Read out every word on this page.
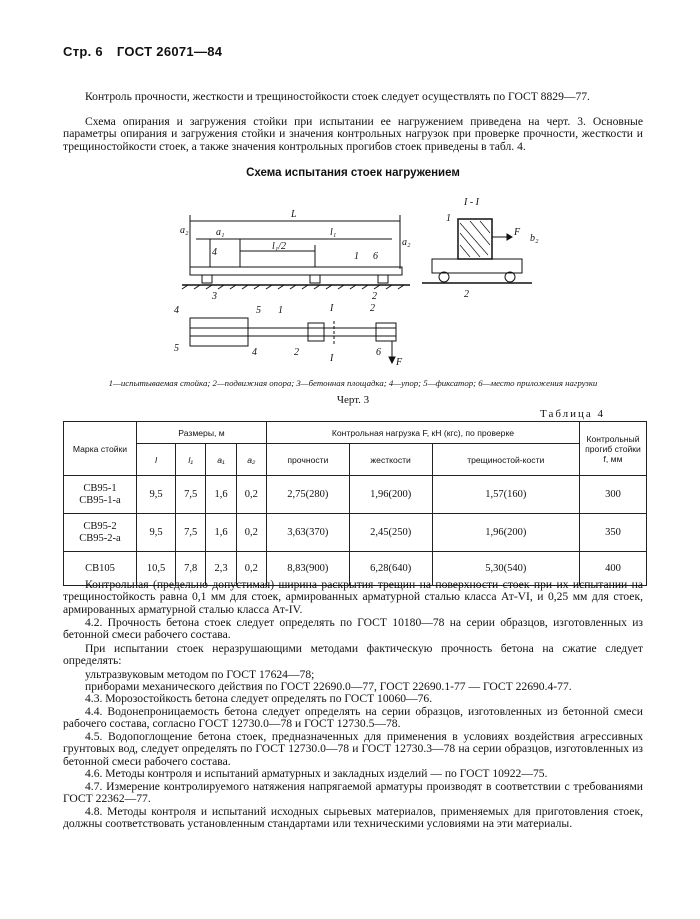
Стр. 6 ГОСТ 26071—84

Контроль прочности, жесткости и трещиностойкости стоек следует осуществлять по ГОСТ 8829—77.

Схема опирания и загружения стойки при испытании ее нагружением приведена на черт. 3. Основные параметры опирания и загружения стойки и значения контрольных нагрузок при проверке прочности, жесткости и трещиностойкости стоек, а также значения контрольных прогибов стоек приведены в табл. 4.

Схема испытания стоек нагружением
L
a₁	l₁
l₁/2
a₂
a₂
4	1 6
3	2
I - I
F
b₂
1
2
I
I	F
4	5 1	2
5	4	2	6
1—испытываемая стойка; 2—подвижная опора; 3—бетонная площадка; 4—упор; 5—фиксатор; 6—место приложения нагрузки
Черт. 3
Таблица 4
Марка стойки	Размеры, м				Контрольная нагрузка F, кН (кгс), по проверке			Контрольный прогиб стойки f, мм
	l	l₁	a₁	a₂	прочности	жесткости	трещиностой-кости	
СВ95-1
СВ95-1-а	9,5	7,5	1,6	0,2	2,75(280)	1,96(200)	1,57(160)	300
СВ95-2
СВ95-2-а	9,5	7,5	1,6	0,2	3,63(370)	2,45(250)	1,96(200)	350
СВ105	10,5	7,8	2,3	0,2	8,83(900)	6,28(640)	5,30(540)	400

Контрольная (предельно допустимая) ширина раскрытия трещин на поверхности стоек при их испытании на трещиностойкость равна 0,1 мм для стоек, армированных арматурной сталью класса Ат-VI, и 0,25 мм для стоек, армированных арматурной сталью класса Ат-IV.

4.2. Прочность бетона стоек следует определять по ГОСТ 10180—78 на серии образцов, изготовленных из бетонной смеси рабочего состава.

При испытании стоек неразрушающими методами фактическую прочность бетона на сжатие следует определять:

ультразвуковым методом по ГОСТ 17624—78;

приборами механического действия по ГОСТ 22690.0—77, ГОСТ 22690.1-77 — ГОСТ 22690.4-77.

4.3. Морозостойкость бетона следует определять по ГОСТ 10060—76.

4.4. Водонепроницаемость бетона следует определять на серии образцов, изготовленных из бетонной смеси рабочего состава, согласно ГОСТ 12730.0—78 и ГОСТ 12730.5—78.

4.5. Водопоглощение бетона стоек, предназначенных для применения в условиях воздействия агрессивных грунтовых вод, следует определять по ГОСТ 12730.0—78 и ГОСТ 12730.3—78 на серии образцов, изготовленных из бетонной смеси рабочего состава.

4.6. Методы контроля и испытаний арматурных и закладных изделий — по ГОСТ 10922—75.

4.7. Измерение контролируемого натяжения напрягаемой арматуры производят в соответствии с требованиями ГОСТ 22362—77.

4.8. Методы контроля и испытаний исходных сырьевых материалов, применяемых для приготовления стоек, должны соответствовать установленным стандартами или техническими условиями на эти материалы.
